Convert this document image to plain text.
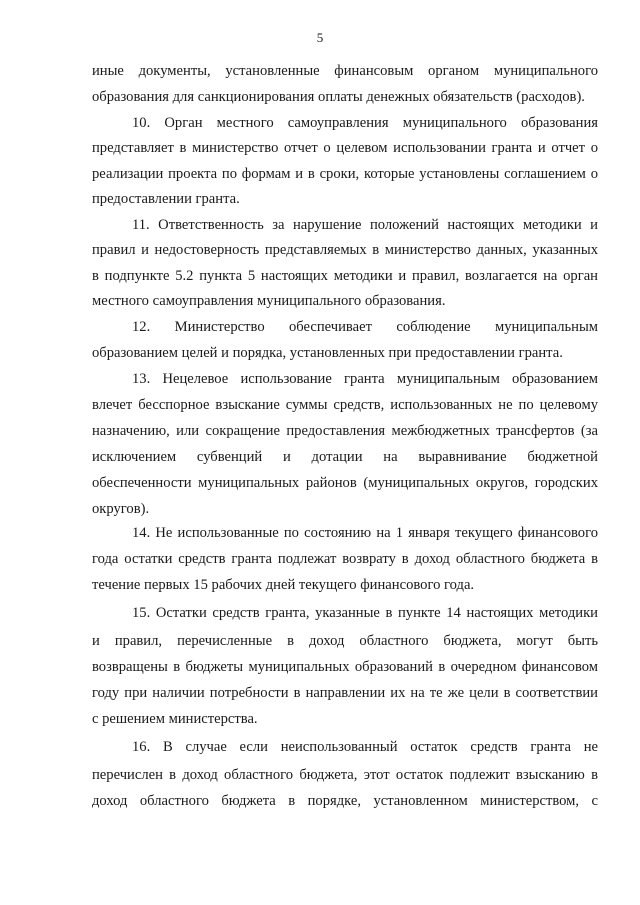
5
иные документы, установленные финансовым органом муниципального
образования для санкционирования оплаты денежных обязательств (расходов).
10. Орган местного самоуправления муниципального образования
представляет в министерство отчет о целевом использовании гранта и отчет о
реализации проекта по формам и в сроки, которые установлены соглашением о
предоставлении гранта.
11. Ответственность за нарушение положений настоящих методики и
правил и недостоверность представляемых в министерство данных, указанных
в подпункте 5.2 пункта 5 настоящих методики и правил, возлагается на орган
местного самоуправления муниципального образования.
12. Министерство обеспечивает соблюдение муниципальным
образованием целей и порядка, установленных при предоставлении гранта.
13. Нецелевое использование гранта муниципальным образованием
влечет бесспорное взыскание суммы средств, использованных не по целевому
назначению, или сокращение предоставления межбюджетных трансфертов (за
исключением субвенций и дотации на выравнивание бюджетной
обеспеченности муниципальных районов (муниципальных округов, городских
округов).
14. Не использованные по состоянию на 1 января текущего финансового
года остатки средств гранта подлежат возврату в доход областного бюджета в
течение первых 15 рабочих дней текущего финансового года.
15. Остатки средств гранта, указанные в пункте 14 настоящих методики
и правил, перечисленные в доход областного бюджета, могут быть
возвращены в бюджеты муниципальных образований в очередном финансовом
году при наличии потребности в направлении их на те же цели в соответствии
с решением министерства.
16. В случае если неиспользованный остаток средств гранта не
перечислен в доход областного бюджета, этот остаток подлежит взысканию в
доход областного бюджета в порядке, установленном министерством, с
